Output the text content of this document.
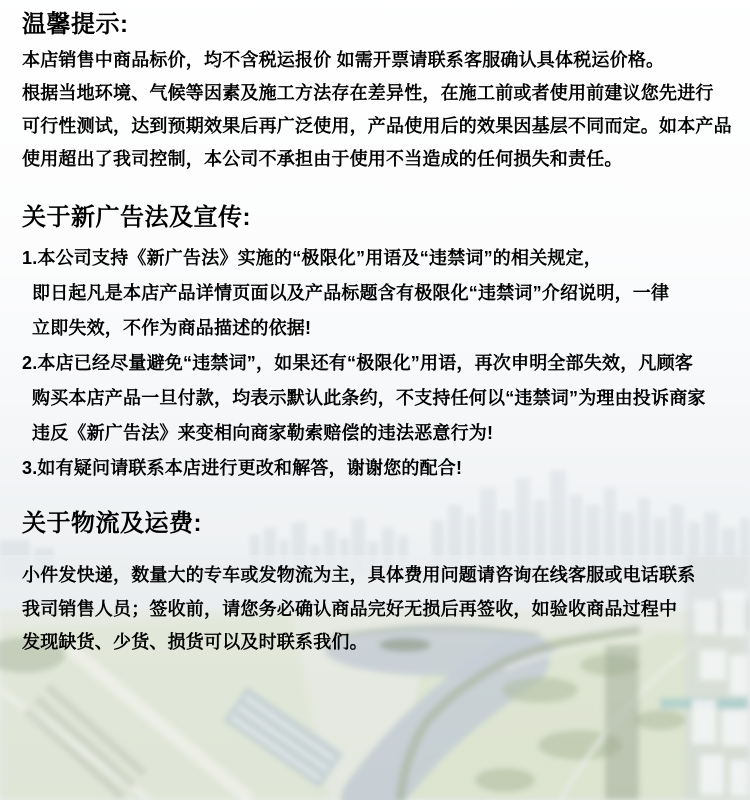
温馨提示:
本店销售中商品标价，均不含税运报价 如需开票请联系客服确认具体税运价格。
根据当地环境、气候等因素及施工方法存在差异性，在施工前或者使用前建议您先进行
可行性测试，达到预期效果后再广泛使用，产品使用后的效果因基层不同而定。如本产品
使用超出了我司控制，本公司不承担由于使用不当造成的任何损失和责任。
关于新广告法及宣传:
1.本公司支持《新广告法》实施的“极限化”用语及“违禁词”的相关规定，
即日起凡是本店产品详情页面以及产品标题含有极限化“违禁词”介绍说明，一律
立即失效，不作为商品描述的依据!
2.本店已经尽量避免“违禁词”，如果还有“极限化”用语，再次申明全部失效，凡顾客
购买本店产品一旦付款，均表示默认此条约，不支持任何以“违禁词”为理由投诉商家
违反《新广告法》来变相向商家勒索赔偿的违法恶意行为!
3.如有疑问请联系本店进行更改和解答，谢谢您的配合!
关于物流及运费:
小件发快递，数量大的专车或发物流为主，具体费用问题请咨询在线客服或电话联系
我司销售人员；签收前，请您务必确认商品完好无损后再签收，如验收商品过程中
发现缺货、少货、损货可以及时联系我们。
